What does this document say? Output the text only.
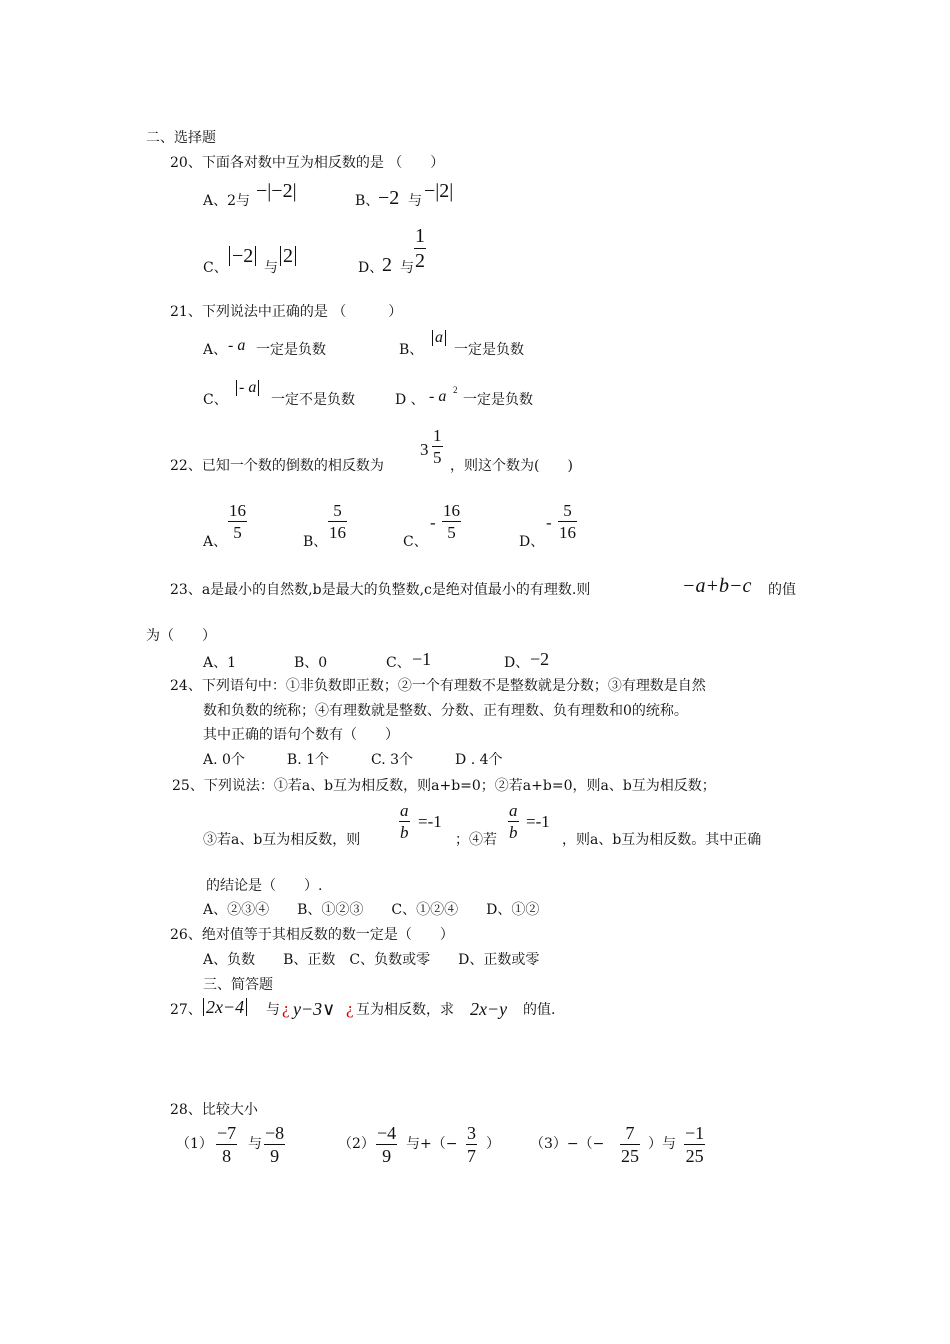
二、选择题
20、下面各对数中互为相反数的是 （　　）
A、2与 −|−2|	B、
−2 与 −|2|
C、
−2
与
2
D、
2 与
1
2
21、下列说法中正确的是 （　　　）
A、 - a 一定是负数	B、
a
一定是负数
C、
- a
一定不是负数	D 、 - a 2
一定是负数
22、已知一个数的倒数的相反数为
3
1
5 ，则这个数为(　　)
A、
16
5	B、
5
16	C、
-
16
5	D、
-
5
16
23、a是最小的自然数,b是最大的负整数,c是绝对值最小的有理数.则	−a+b−c 的值
为（　　）
A、1	B、0	C、 −1	D、 −2
24、下列语句中：①非负数即正数；②一个有理数不是整数就是分数；③有理数是自然
数和负数的统称；④有理数就是整数、分数、正有理数、负有理数和0的统称。
其中正确的语句个数有（　　）
A. 0个　　　B. 1个　　　C. 3个　　　D . 4个
25、下列说法：①若a、b互为相反数，则a+b=0；②若a+b=0，则a、b互为相反数；
③若a、b互为相反数，则
a
b
=-1
；④若
a
b
=-1
，则a、b互为相反数。其中正确
的结论是（　　）.
A、②③④　　B、①②③　　C、①②④　　D、①②
26、绝对值等于其相反数的数一定是（　　）
A、负数　　B、正数　C、负数或零　　D、正数或零
三、简答题
27、 2x−4 与 ¿ y−3∨ ¿ 互为相反数，求 2x−y 的值.
28、比较大小
（1）
−7
8
与
−8
9
（2）
−4
9
与+（−
3
7
） （3）−（−
7
25
）与
−1
25
